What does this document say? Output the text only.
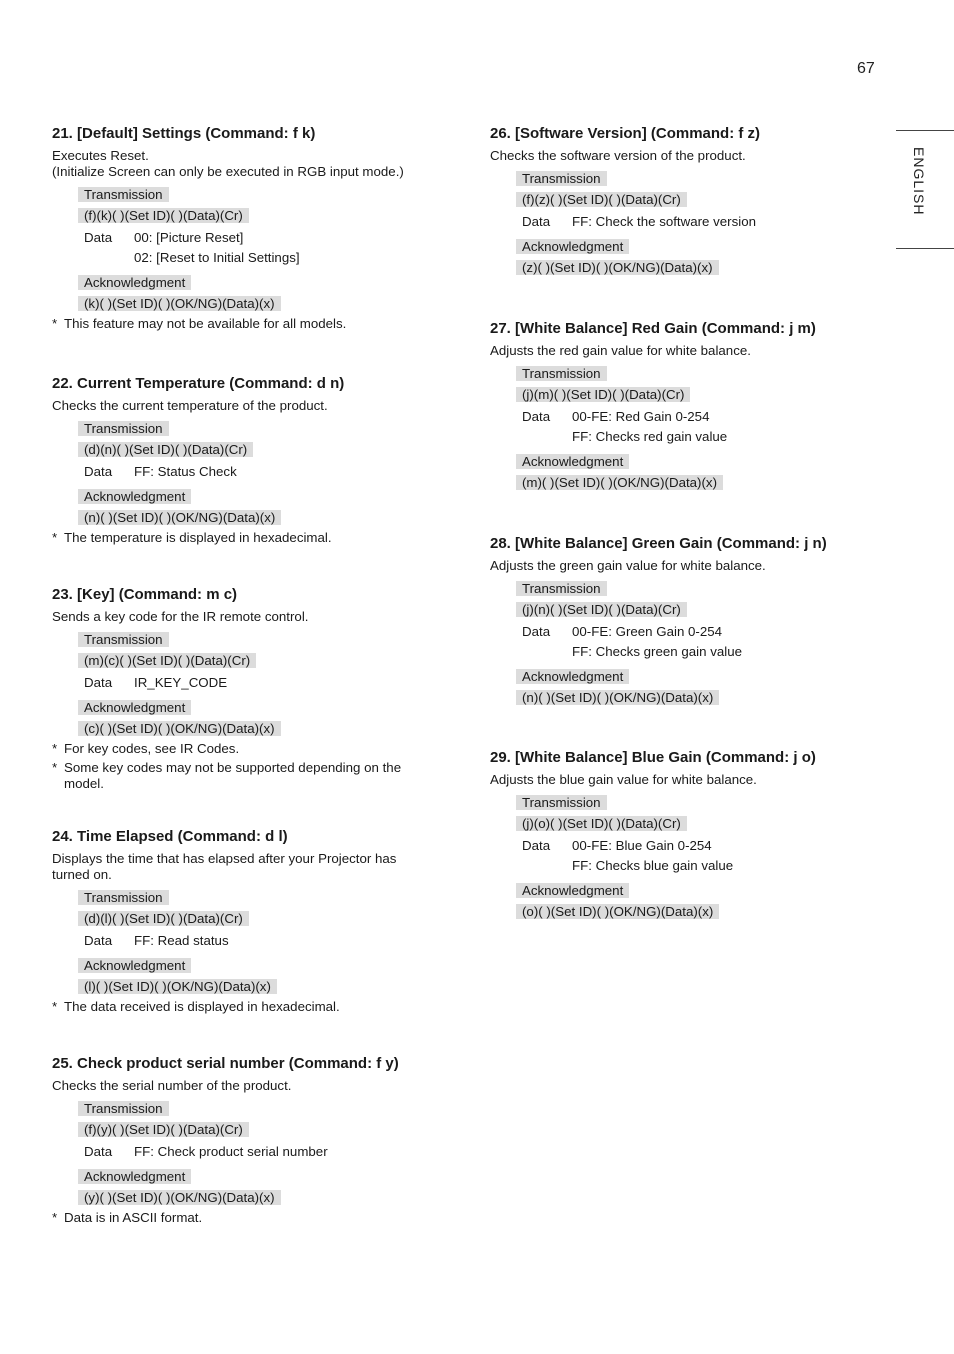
67
ENGLISH
21. [Default] Settings (Command: f k)
Executes Reset.
(Initialize Screen can only be executed in RGB input mode.)
Transmission
(f)(k)( )(Set ID)( )(Data)(Cr)
Data	00: [Picture Reset]
02: [Reset to Initial Settings]
Acknowledgment
(k)( )(Set ID)( )(OK/NG)(Data)(x)
* This feature may not be available for all models.
22. Current Temperature (Command: d n)
Checks the current temperature of the product.
Transmission
(d)(n)( )(Set ID)( )(Data)(Cr)
Data	FF: Status Check
Acknowledgment
(n)( )(Set ID)( )(OK/NG)(Data)(x)
* The temperature is displayed in hexadecimal.
23. [Key] (Command: m c)
Sends a key code for the IR remote control.
Transmission
(m)(c)( )(Set ID)( )(Data)(Cr)
Data	IR_KEY_CODE
Acknowledgment
(c)( )(Set ID)( )(OK/NG)(Data)(x)
* For key codes, see IR Codes.
* Some key codes may not be supported depending on the model.
24. Time Elapsed (Command: d l)
Displays the time that has elapsed after your Projector has turned on.
Transmission
(d)(l)( )(Set ID)( )(Data)(Cr)
Data	FF: Read status
Acknowledgment
(l)( )(Set ID)( )(OK/NG)(Data)(x)
* The data received is displayed in hexadecimal.
25. Check product serial number (Command: f y)
Checks the serial number of the product.
Transmission
(f)(y)( )(Set ID)( )(Data)(Cr)
Data	FF: Check product serial number
Acknowledgment
(y)( )(Set ID)( )(OK/NG)(Data)(x)
* Data is in ASCII format.
26. [Software Version] (Command: f z)
Checks the software version of the product.
Transmission
(f)(z)( )(Set ID)( )(Data)(Cr)
Data	FF: Check the software version
Acknowledgment
(z)( )(Set ID)( )(OK/NG)(Data)(x)
27. [White Balance] Red Gain (Command: j m)
Adjusts the red gain value for white balance.
Transmission
(j)(m)( )(Set ID)( )(Data)(Cr)
Data	00-FE: Red Gain 0-254
FF: Checks red gain value
Acknowledgment
(m)( )(Set ID)( )(OK/NG)(Data)(x)
28. [White Balance] Green Gain (Command: j n)
Adjusts the green gain value for white balance.
Transmission
(j)(n)( )(Set ID)( )(Data)(Cr)
Data	00-FE: Green Gain 0-254
FF: Checks green gain value
Acknowledgment
(n)( )(Set ID)( )(OK/NG)(Data)(x)
29. [White Balance] Blue Gain (Command: j o)
Adjusts the blue gain value for white balance.
Transmission
(j)(o)( )(Set ID)( )(Data)(Cr)
Data	00-FE: Blue Gain 0-254
FF: Checks blue gain value
Acknowledgment
(o)( )(Set ID)( )(OK/NG)(Data)(x)
